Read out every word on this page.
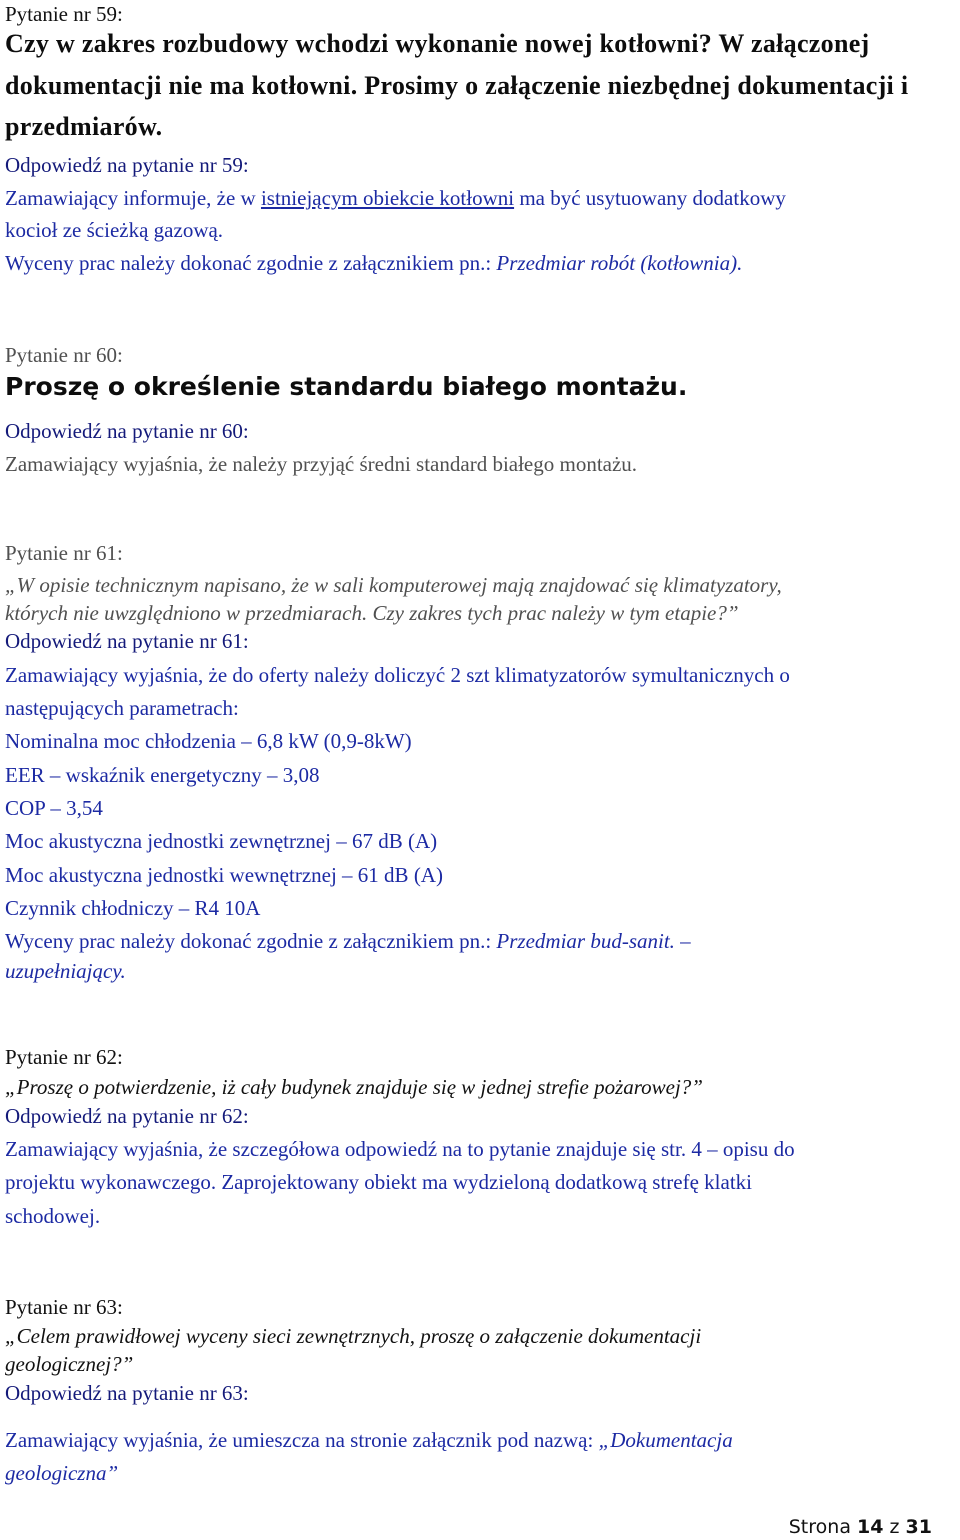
Pytanie nr 59:
Czy w zakres rozbudowy wchodzi wykonanie nowej kotłowni? W załączonej
dokumentacji nie ma kotłowni. Prosimy o załączenie niezbędnej dokumentacji i
przedmiarów.
Odpowiedź na pytanie nr 59:
Zamawiający informuje, że w istniejącym obiekcie kotłowni ma być usytuowany dodatkowy
kocioł ze ścieżką gazową.
Wyceny prac należy dokonać zgodnie z załącznikiem pn.: Przedmiar robót (kotłownia).
Pytanie nr 60:
Proszę o określenie standardu białego montażu.
Odpowiedź na pytanie nr 60:
Zamawiający wyjaśnia, że należy przyjąć średni standard białego montażu.
Pytanie nr 61:
„W opisie technicznym napisano, że w sali komputerowej mają znajdować się klimatyzatory,
których nie uwzględniono w przedmiarach. Czy zakres tych prac należy w tym etapie?”
Odpowiedź na pytanie nr 61:
Zamawiający wyjaśnia, że do oferty należy doliczyć 2 szt klimatyzatorów symultanicznych o
następujących parametrach:
Nominalna moc chłodzenia – 6,8 kW (0,9-8kW)
EER – wskaźnik energetyczny – 3,08
COP – 3,54
Moc akustyczna jednostki zewnętrznej – 67 dB (A)
Moc akustyczna jednostki wewnętrznej – 61 dB (A)
Czynnik chłodniczy – R4 10A
Wyceny prac należy dokonać zgodnie z załącznikiem pn.: Przedmiar bud-sanit. –
uzupełniający.
Pytanie nr 62:
„Proszę o potwierdzenie, iż cały budynek znajduje się w jednej strefie pożarowej?”
Odpowiedź na pytanie nr 62:
Zamawiający wyjaśnia, że szczegółowa odpowiedź na to pytanie znajduje się str. 4 – opisu do
projektu wykonawczego. Zaprojektowany obiekt ma wydzieloną dodatkową strefę klatki
schodowej.
Pytanie nr 63:
„Celem prawidłowej wyceny sieci zewnętrznych, proszę o załączenie dokumentacji
geologicznej?”
Odpowiedź na pytanie nr 63:
Zamawiający wyjaśnia, że umieszcza na stronie załącznik pod nazwą: „Dokumentacja
geologiczna”
Strona 14 z 31
